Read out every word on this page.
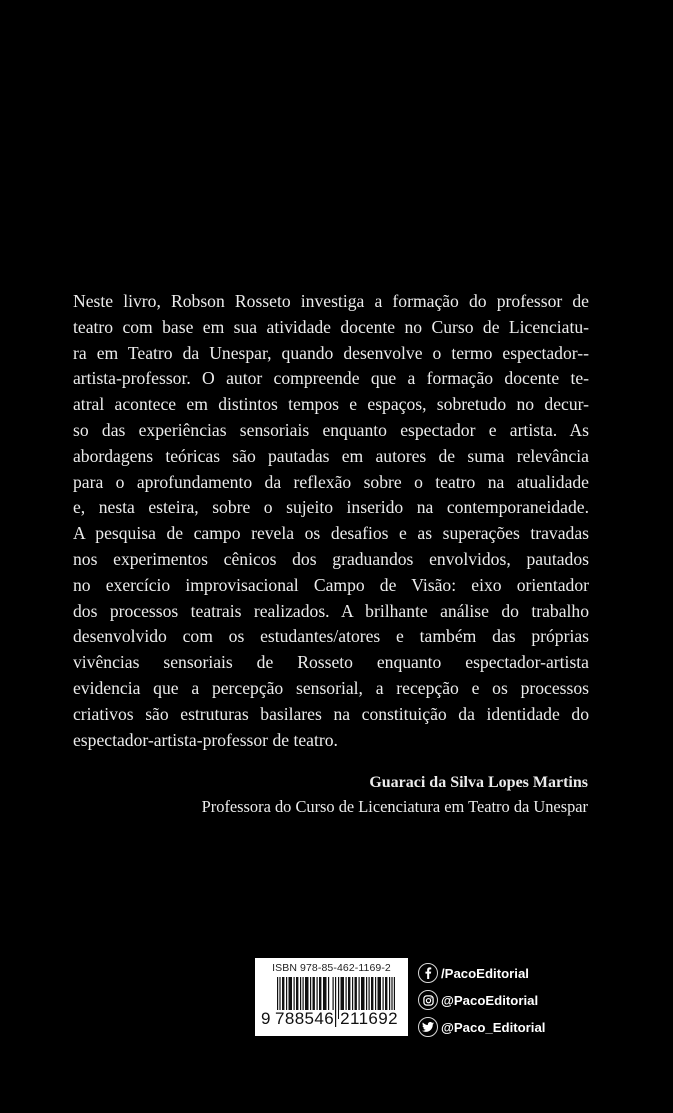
Neste livro, Robson Rosseto investiga a formação do professor de
teatro com base em sua atividade docente no Curso de Licenciatu-
ra em Teatro da Unespar, quando desenvolve o termo espectador--
artista-professor. O autor compreende que a formação docente te-
atral acontece em distintos tempos e espaços, sobretudo no decur-
so das experiências sensoriais enquanto espectador e artista. As
abordagens teóricas são pautadas em autores de suma relevância
para o aprofundamento da reflexão sobre o teatro na atualidade
e, nesta esteira, sobre o sujeito inserido na contemporaneidade.
A pesquisa de campo revela os desafios e as superações travadas
nos experimentos cênicos dos graduandos envolvidos, pautados
no exercício improvisacional Campo de Visão: eixo orientador
dos processos teatrais realizados. A brilhante análise do trabalho
desenvolvido com os estudantes/atores e também das próprias
vivências sensoriais de Rosseto enquanto espectador-artista
evidencia que a percepção sensorial, a recepção e os processos
criativos são estruturas basilares na constituição da identidade do
espectador-artista-professor de teatro.
Guaraci da Silva Lopes Martins
Professora do Curso de Licenciatura em Teatro da Unespar
ISBN 978-85-462-1169-2
9 788546 211692
/PacoEditorial
@PacoEditorial
@Paco_Editorial
